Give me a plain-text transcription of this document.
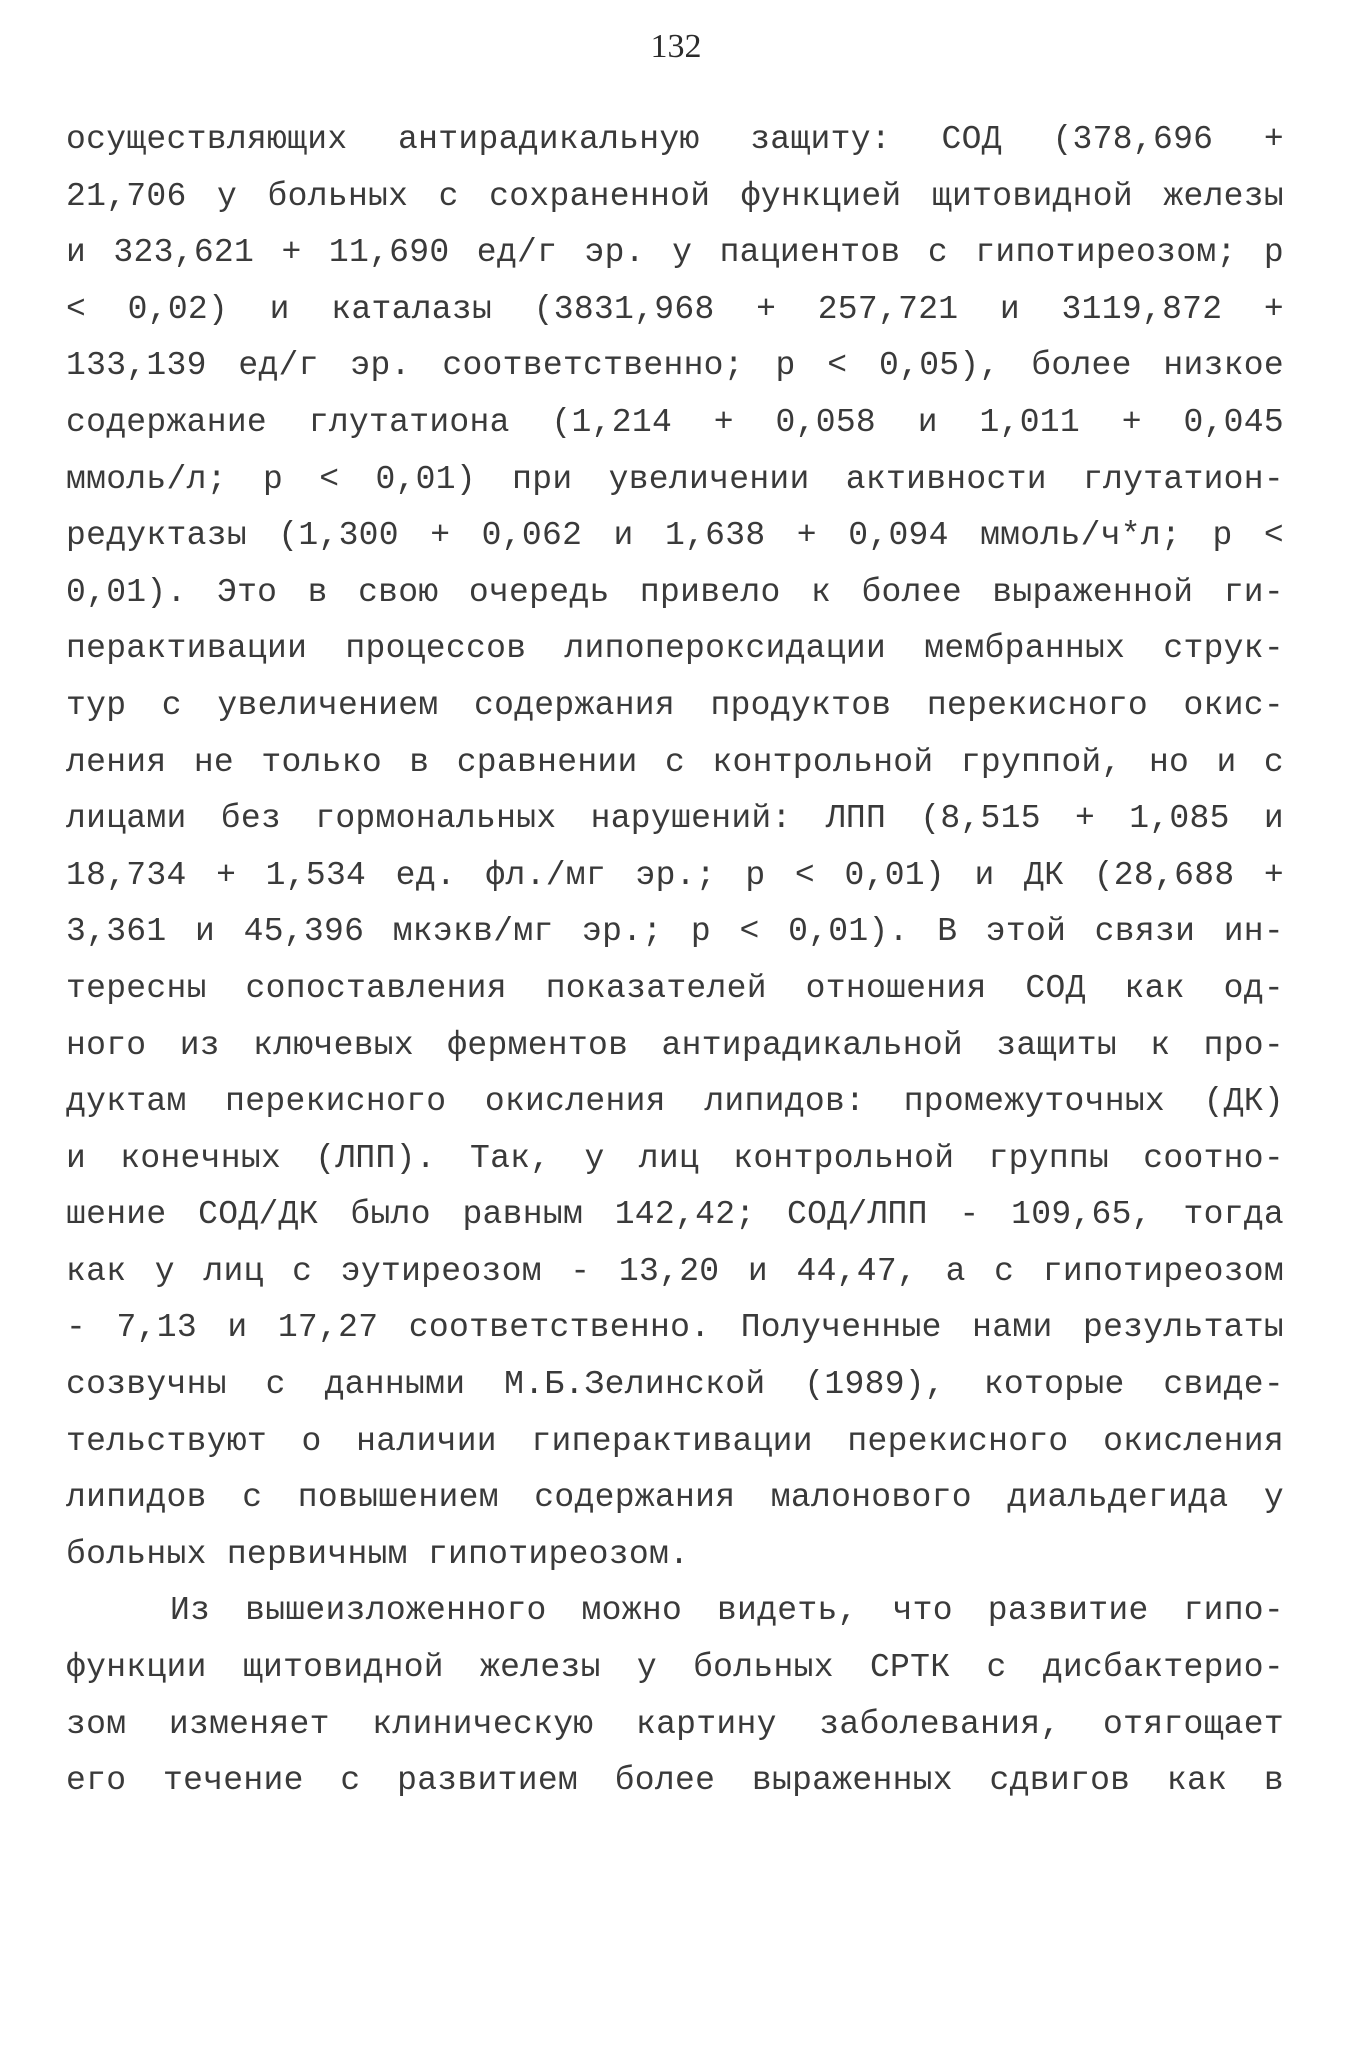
132
осуществляющих антирадикальную защиту: СОД (378,696 +
21,706 у больных с сохраненной функцией щитовидной железы
и 323,621 + 11,690 ед/г эр. у пациентов с гипотиреозом; р
< 0,02) и каталазы (3831,968 + 257,721 и 3119,872 +
133,139 ед/г эр. соответственно; р < 0,05), более низкое
содержание глутатиона (1,214 + 0,058 и 1,011 + 0,045
ммоль/л; р < 0,01) при увеличении активности глутатион-
редуктазы (1,300 + 0,062 и 1,638 + 0,094 ммоль/ч*л; р <
0,01). Это в свою очередь привело к более выраженной ги-
перактивации процессов липопероксидации мембранных струк-
тур с увеличением содержания продуктов перекисного окис-
ления не только в сравнении с контрольной группой, но и с
лицами без гормональных нарушений: ЛПП (8,515 + 1,085 и
18,734 + 1,534 ед. фл./мг эр.; р < 0,01) и ДК (28,688 +
3,361 и 45,396 мкэкв/мг эр.; р < 0,01). В этой связи ин-
тересны сопоставления показателей отношения СОД как од-
ного из ключевых ферментов антирадикальной защиты к про-
дуктам перекисного окисления липидов: промежуточных (ДК)
и конечных (ЛПП). Так, у лиц контрольной группы соотно-
шение СОД/ДК было равным 142,42; СОД/ЛПП - 109,65, тогда
как у лиц с эутиреозом - 13,20 и 44,47, а с гипотиреозом
- 7,13 и 17,27 соответственно. Полученные нами результаты
созвучны с данными М.Б.Зелинской (1989), которые свиде-
тельствуют о наличии гиперактивации перекисного окисления
липидов с повышением содержания малонового диальдегида у
больных первичным гипотиреозом.
Из вышеизложенного можно видеть, что развитие гипо-
функции щитовидной железы у больных СРТК с дисбактерио-
зом изменяет клиническую картину заболевания, отягощает
его течение с развитием более выраженных сдвигов как в
